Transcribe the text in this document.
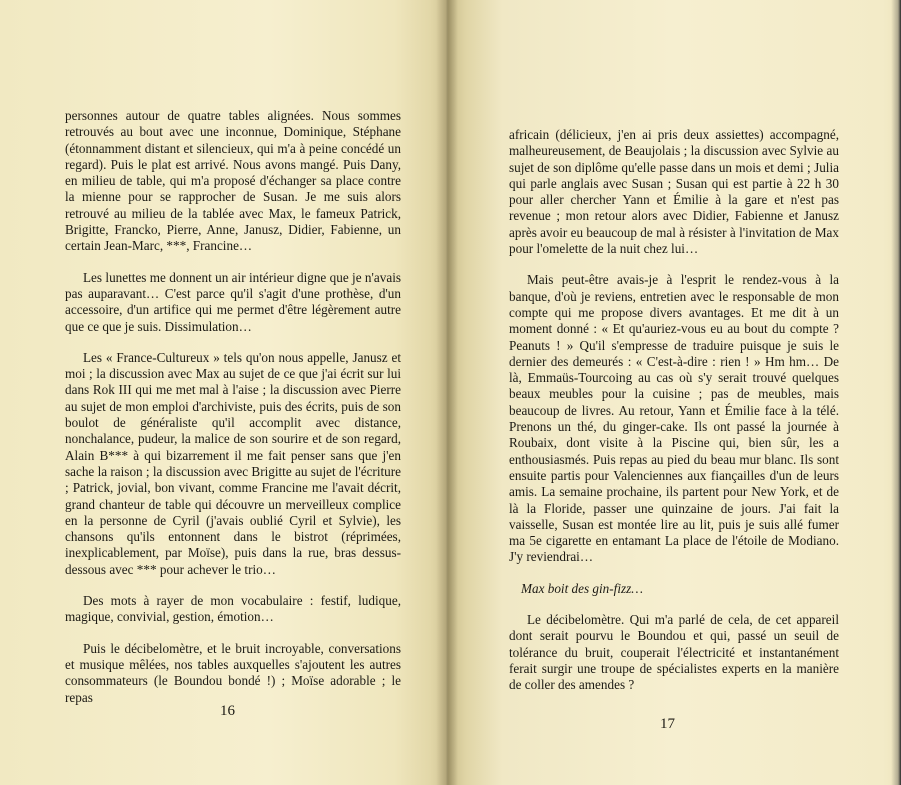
personnes autour de quatre tables alignées. Nous sommes retrouvés au bout avec une inconnue, Dominique, Stéphane (étonnamment distant et silencieux, qui m'a à peine concédé un regard). Puis le plat est arrivé. Nous avons mangé. Puis Dany, en milieu de table, qui m'a proposé d'échanger sa place contre la mienne pour se rapprocher de Susan. Je me suis alors retrouvé au milieu de la tablée avec Max, le fameux Patrick, Brigitte, Francko, Pierre, Anne, Janusz, Didier, Fabienne, un certain Jean-Marc, ***, Francine…

Les lunettes me donnent un air intérieur digne que je n'avais pas auparavant… C'est parce qu'il s'agit d'une prothèse, d'un accessoire, d'un artifice qui me permet d'être légèrement autre que ce que je suis. Dissimulation…

Les « France-Cultureux » tels qu'on nous appelle, Janusz et moi ; la discussion avec Max au sujet de ce que j'ai écrit sur lui dans Rok III qui me met mal à l'aise ; la discussion avec Pierre au sujet de mon emploi d'archiviste, puis des écrits, puis de son boulot de généraliste qu'il accomplit avec distance, nonchalance, pudeur, la malice de son sourire et de son regard, Alain B*** à qui bizarrement il me fait penser sans que j'en sache la raison ; la discussion avec Brigitte au sujet de l'écriture ; Patrick, jovial, bon vivant, comme Francine me l'avait décrit, grand chanteur de table qui découvre un merveilleux complice en la personne de Cyril (j'avais oublié Cyril et Sylvie), les chansons qu'ils entonnent dans le bistrot (réprimées, inexplicablement, par Moïse), puis dans la rue, bras dessus-dessous avec *** pour achever le trio…

Des mots à rayer de mon vocabulaire : festif, ludique, magique, convivial, gestion, émotion…

Puis le décibelomètre, et le bruit incroyable, conversations et musique mêlées, nos tables auxquelles s'ajoutent les autres consommateurs (le Boundou bondé !) ; Moïse adorable ; le repas

16

africain (délicieux, j'en ai pris deux assiettes) accompagné, malheureusement, de Beaujolais ; la discussion avec Sylvie au sujet de son diplôme qu'elle passe dans un mois et demi ; Julia qui parle anglais avec Susan ; Susan qui est partie à 22 h 30 pour aller chercher Yann et Émilie à la gare et n'est pas revenue ; mon retour alors avec Didier, Fabienne et Janusz après avoir eu beaucoup de mal à résister à l'invitation de Max pour l'omelette de la nuit chez lui…

Mais peut-être avais-je à l'esprit le rendez-vous à la banque, d'où je reviens, entretien avec le responsable de mon compte qui me propose divers avantages. Et me dit à un moment donné : « Et qu'auriez-vous eu au bout du compte ? Peanuts ! » Qu'il s'empresse de traduire puisque je suis le dernier des demeurés : « C'est-à-dire : rien ! » Hm hm… De là, Emmaüs-Tourcoing au cas où s'y serait trouvé quelques beaux meubles pour la cuisine ; pas de meubles, mais beaucoup de livres. Au retour, Yann et Émilie face à la télé. Prenons un thé, du ginger-cake. Ils ont passé la journée à Roubaix, dont visite à la Piscine qui, bien sûr, les a enthousiasmés. Puis repas au pied du beau mur blanc. Ils sont ensuite partis pour Valenciennes aux fiançailles d'un de leurs amis. La semaine prochaine, ils partent pour New York, et de là la Floride, passer une quinzaine de jours. J'ai fait la vaisselle, Susan est montée lire au lit, puis je suis allé fumer ma 5e cigarette en entamant La place de l'étoile de Modiano. J'y reviendrai…

Max boit des gin-fizz…

Le décibelomètre. Qui m'a parlé de cela, de cet appareil dont serait pourvu le Boundou et qui, passé un seuil de tolérance du bruit, couperait l'électricité et instantanément ferait surgir une troupe de spécialistes experts en la manière de coller des amendes ?

17
